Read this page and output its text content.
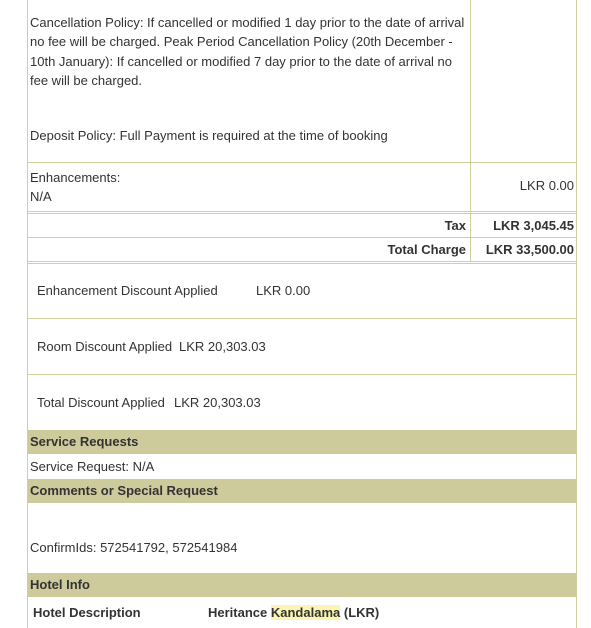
Cancellation Policy: If cancelled or modified 1 day prior to the date of arrival no fee will be charged. Peak Period Cancellation Policy (20th December - 10th January): If cancelled or modified 7 day prior to the date of arrival no fee will be charged.
Deposit Policy: Full Payment is required at the time of booking
Enhancements:
N/A
LKR 0.00
Tax LKR 3,045.45
Total Charge LKR 33,500.00
Enhancement Discount Applied	LKR 0.00
Room Discount Applied LKR 20,303.03
Total Discount Applied LKR 20,303.03
Service Requests
Service Request: N/A
Comments or Special Request
ConfirmIds: 572541792, 572541984
Hotel Info
Hotel Description	Heritance Kandalama (LKR)
